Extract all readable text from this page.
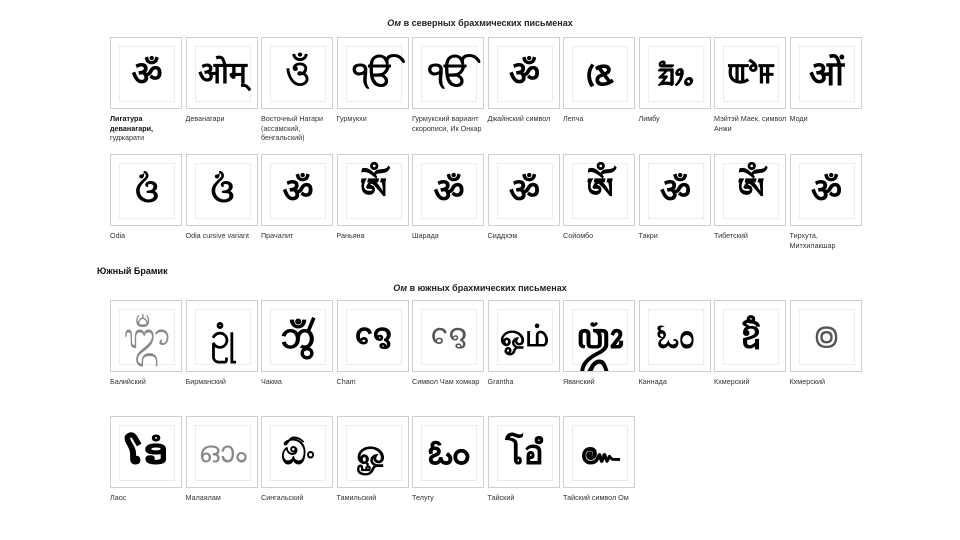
Ом в северных брахмических письменах
ॐ
Лигатура деванагари, гуджарати
ओम्
Деванагари
ওঁ
Восточный Нагари (ассамский, бенгальский)
ੴ
Гурмукхи
ੴ
Гурмукский вариант скорописи, Ик Онкар
ॐ
Джайнский символ
ᰣᰨ
Лепча
ᤀᤥᤱ
Лимбу
ꯑꯣꯝ
Мэйтэй Маек, символ Анжи
ओं
Моди
ଓଁ
Odia
ଓଁ
Odia cursive variant
ॐ
Прачалит
ཨོཾ
Раньяна
ॐ
Шарада
ॐ
Сиддхэм
ༀ
Сойомбо
ॐ
Такри
ཨོཾ
Тибетский
ॐ
Тирхута, Митхилакшар
Южный Брамик
Ом в южных брахмических письменах
ᬒᬁ
Балийский
ဥုံ
Бирманский
𑄃𑄮𑄀
Чакма
ꨅꨯ
Cham
ꨅꨯ
Символ Чам хомкар
ஓம்
Grantha
ꦎꦴꦁ
Яванский
ಓಂ
Каннада
ឱំ
Кхмерский
៙
Кхмерский
ໂອໍ
Лаос
ഓം
Малаялам
ඕං
Сингальский
ௐ
Тамильский
ఓం
Телугу
โอํ
Тайский
๛
Тайский символ Ом
